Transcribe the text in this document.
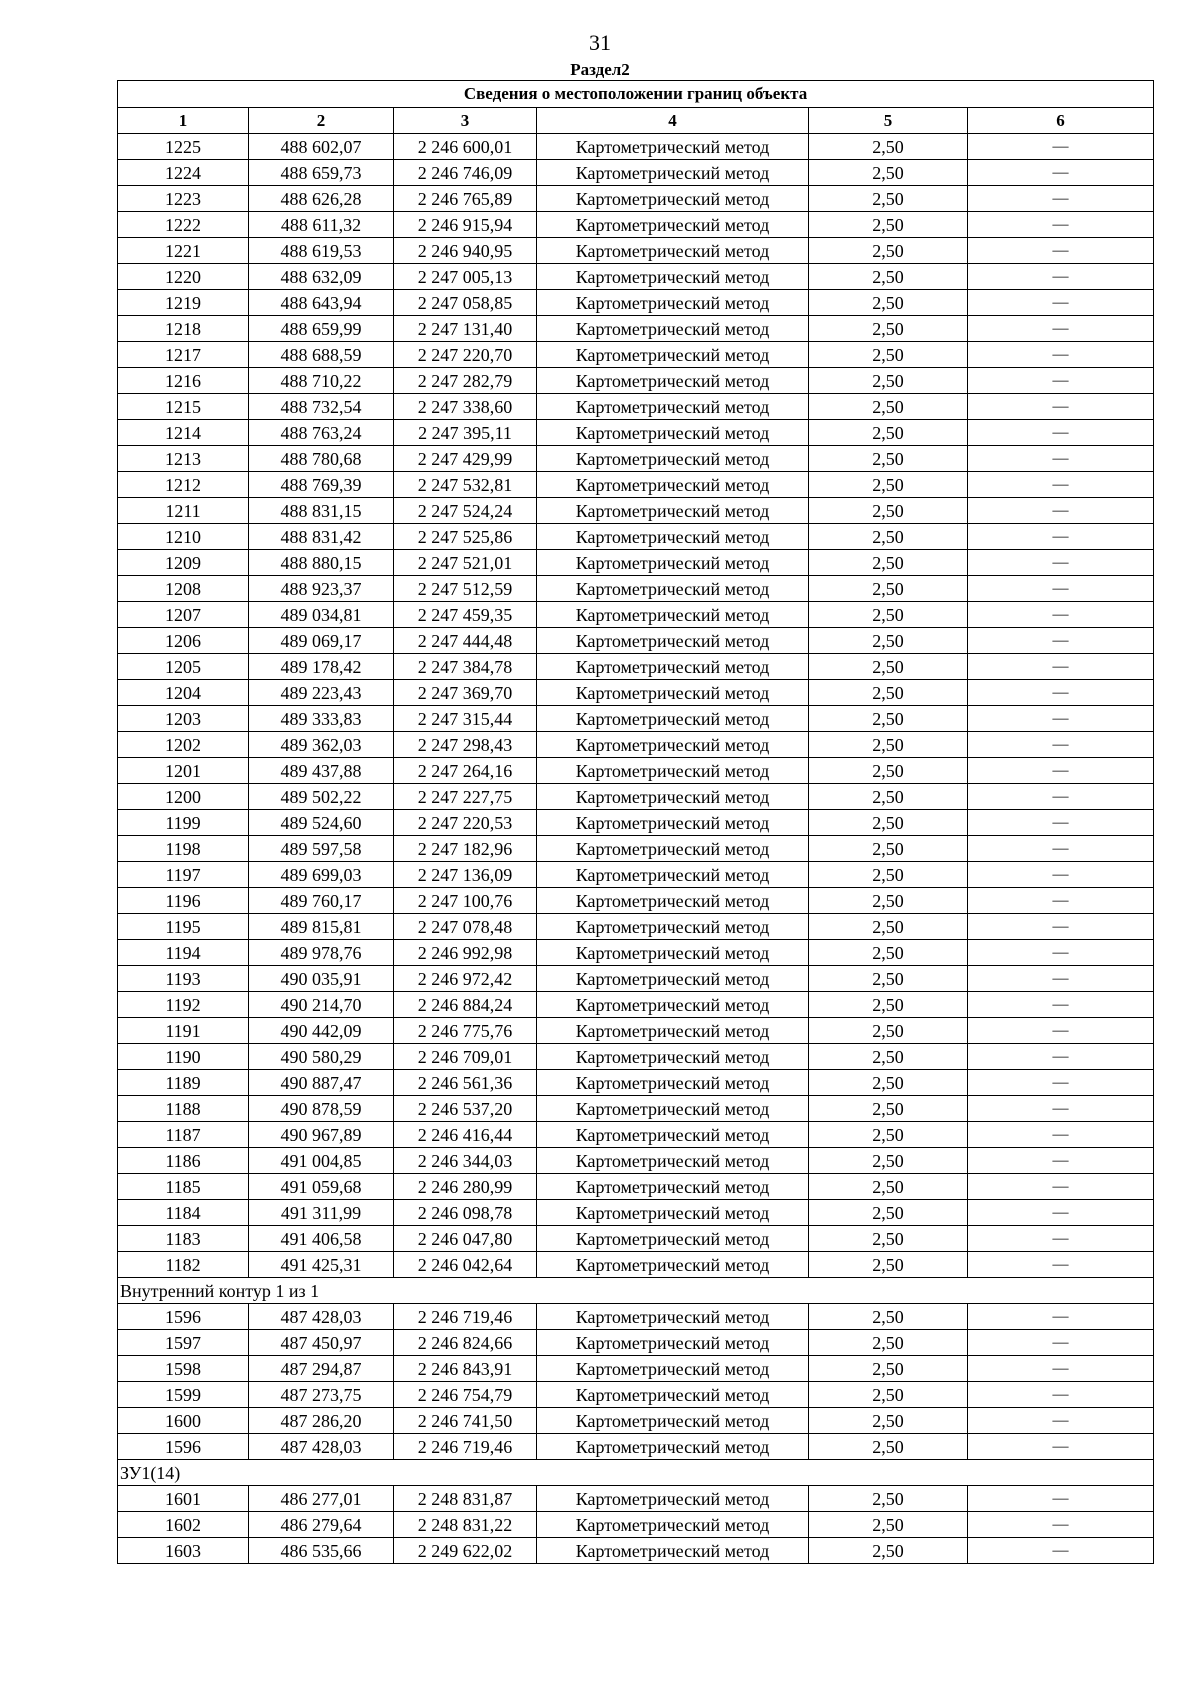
31
Раздел2
Сведения о местоположении границ объекта					
1	2	3	4	5	6
1225	488 602,07	2 246 600,01	Картометрический метод	2,50	—
1224	488 659,73	2 246 746,09	Картометрический метод	2,50	—
1223	488 626,28	2 246 765,89	Картометрический метод	2,50	—
1222	488 611,32	2 246 915,94	Картометрический метод	2,50	—
1221	488 619,53	2 246 940,95	Картометрический метод	2,50	—
1220	488 632,09	2 247 005,13	Картометрический метод	2,50	—
1219	488 643,94	2 247 058,85	Картометрический метод	2,50	—
1218	488 659,99	2 247 131,40	Картометрический метод	2,50	—
1217	488 688,59	2 247 220,70	Картометрический метод	2,50	—
1216	488 710,22	2 247 282,79	Картометрический метод	2,50	—
1215	488 732,54	2 247 338,60	Картометрический метод	2,50	—
1214	488 763,24	2 247 395,11	Картометрический метод	2,50	—
1213	488 780,68	2 247 429,99	Картометрический метод	2,50	—
1212	488 769,39	2 247 532,81	Картометрический метод	2,50	—
1211	488 831,15	2 247 524,24	Картометрический метод	2,50	—
1210	488 831,42	2 247 525,86	Картометрический метод	2,50	—
1209	488 880,15	2 247 521,01	Картометрический метод	2,50	—
1208	488 923,37	2 247 512,59	Картометрический метод	2,50	—
1207	489 034,81	2 247 459,35	Картометрический метод	2,50	—
1206	489 069,17	2 247 444,48	Картометрический метод	2,50	—
1205	489 178,42	2 247 384,78	Картометрический метод	2,50	—
1204	489 223,43	2 247 369,70	Картометрический метод	2,50	—
1203	489 333,83	2 247 315,44	Картометрический метод	2,50	—
1202	489 362,03	2 247 298,43	Картометрический метод	2,50	—
1201	489 437,88	2 247 264,16	Картометрический метод	2,50	—
1200	489 502,22	2 247 227,75	Картометрический метод	2,50	—
1199	489 524,60	2 247 220,53	Картометрический метод	2,50	—
1198	489 597,58	2 247 182,96	Картометрический метод	2,50	—
1197	489 699,03	2 247 136,09	Картометрический метод	2,50	—
1196	489 760,17	2 247 100,76	Картометрический метод	2,50	—
1195	489 815,81	2 247 078,48	Картометрический метод	2,50	—
1194	489 978,76	2 246 992,98	Картометрический метод	2,50	—
1193	490 035,91	2 246 972,42	Картометрический метод	2,50	—
1192	490 214,70	2 246 884,24	Картометрический метод	2,50	—
1191	490 442,09	2 246 775,76	Картометрический метод	2,50	—
1190	490 580,29	2 246 709,01	Картометрический метод	2,50	—
1189	490 887,47	2 246 561,36	Картометрический метод	2,50	—
1188	490 878,59	2 246 537,20	Картометрический метод	2,50	—
1187	490 967,89	2 246 416,44	Картометрический метод	2,50	—
1186	491 004,85	2 246 344,03	Картометрический метод	2,50	—
1185	491 059,68	2 246 280,99	Картометрический метод	2,50	—
1184	491 311,99	2 246 098,78	Картометрический метод	2,50	—
1183	491 406,58	2 246 047,80	Картометрический метод	2,50	—
1182	491 425,31	2 246 042,64	Картометрический метод	2,50	—
Внутренний контур 1 из 1					
1596	487 428,03	2 246 719,46	Картометрический метод	2,50	—
1597	487 450,97	2 246 824,66	Картометрический метод	2,50	—
1598	487 294,87	2 246 843,91	Картометрический метод	2,50	—
1599	487 273,75	2 246 754,79	Картометрический метод	2,50	—
1600	487 286,20	2 246 741,50	Картометрический метод	2,50	—
1596	487 428,03	2 246 719,46	Картометрический метод	2,50	—
ЗУ1(14)					
1601	486 277,01	2 248 831,87	Картометрический метод	2,50	—
1602	486 279,64	2 248 831,22	Картометрический метод	2,50	—
1603	486 535,66	2 249 622,02	Картометрический метод	2,50	—
